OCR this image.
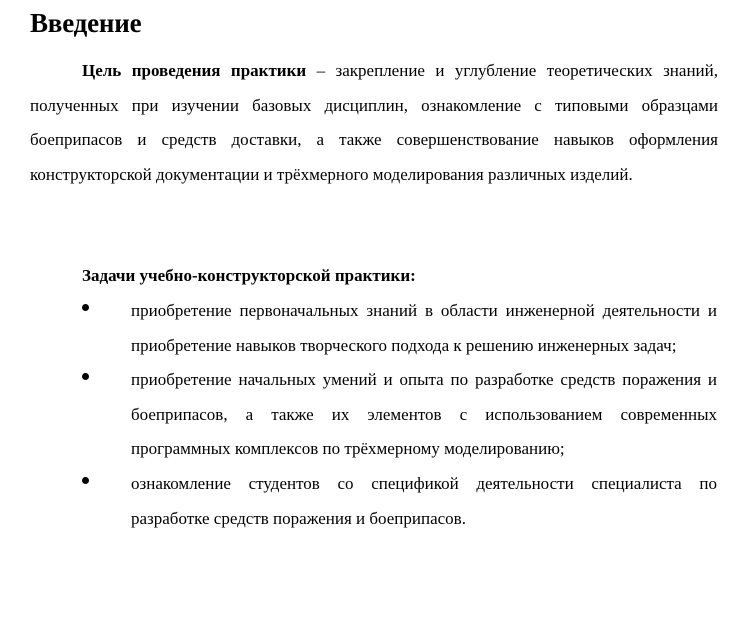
Введение

Цель проведения практики – закрепление и углубление теоретических знаний, полученных при изучении базовых дисциплин, ознакомление с типовыми образцами боеприпасов и средств доставки, а также совершенствование навыков оформления конструкторской документации и трёхмерного моделирования различных изделий.

Задачи учебно-конструкторской практики:

приобретение первоначальных знаний в области инженерной деятельности и приобретение навыков творческого подхода к решению инженерных задач;
приобретение начальных умений и опыта по разработке средств поражения и боеприпасов, а также их элементов с использованием современных программных комплексов по трёхмерному моделированию;
ознакомление студентов со спецификой деятельности специалиста по разработке средств поражения и боеприпасов.
